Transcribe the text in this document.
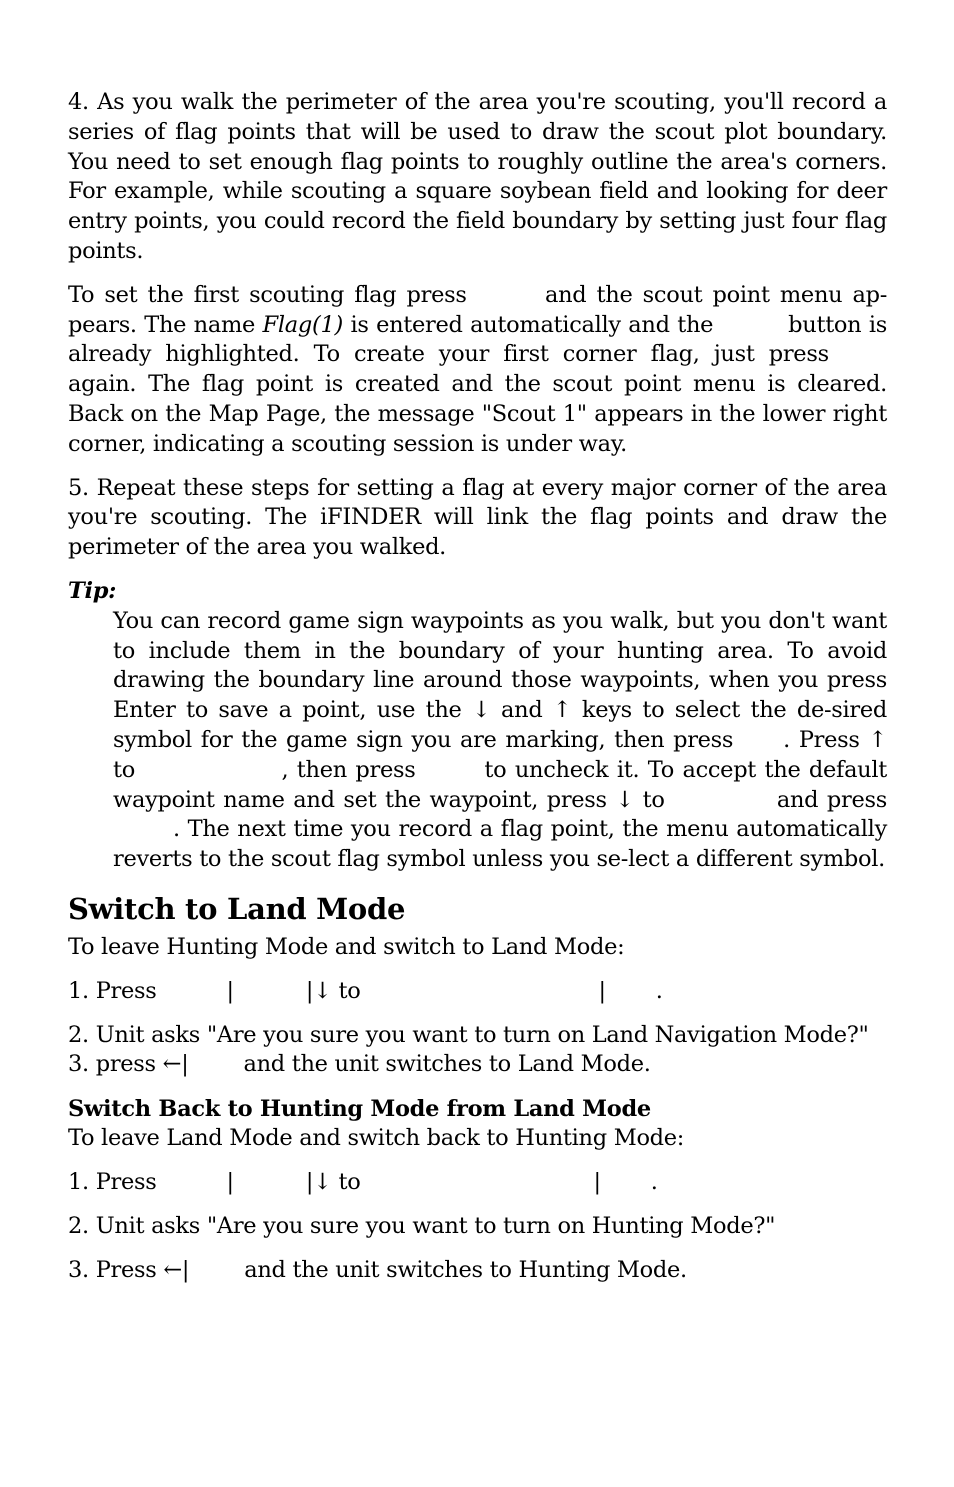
4. As you walk the perimeter of the area you're scouting, you'll record a series of flag points that will be used to draw the scout plot boundary. You need to set enough flag points to roughly outline the area's corners. For example, while scouting a square soybean field and looking for deer entry points, you could record the field boundary by setting just four flag points.

To set the first scouting flag press	and the scout point menu ap-pears. The name Flag(1) is entered automatically and the	button is already highlighted. To create your first corner flag, just press  again. The flag point is created and the scout point menu is cleared. Back on the Map Page, the message "Scout 1" appears in the lower right corner, indicating a scouting session is under way.

5. Repeat these steps for setting a flag at every major corner of the area you're scouting. The iFINDER will link the flag points and draw the perimeter of the area you walked.

Tip:

You can record game sign waypoints as you walk, but you don't want to include them in the boundary of your hunting area. To avoid drawing the boundary line around those waypoints, when you press Enter to save a point, use the ↓ and ↑ keys to select the de-sired symbol for the game sign you are marking, then press . Press ↑ to	, then press	to uncheck it. To accept the default waypoint name and set the waypoint, press ↓ to	and press . The next time you record a flag point, the menu automatically reverts to the scout flag symbol unless you se-lect a different symbol.

Switch to Land Mode

To leave Hunting Mode and switch to Land Mode:

1. Press	|	|↓ to	| .

2. Unit asks "Are you sure you want to turn on Land Navigation Mode?"

3. press ←| and the unit switches to Land Mode.

Switch Back to Hunting Mode from Land Mode

To leave Land Mode and switch back to Hunting Mode:

1. Press	|	|↓ to	| .

2. Unit asks "Are you sure you want to turn on Hunting Mode?"

3. Press ←| and the unit switches to Hunting Mode.
